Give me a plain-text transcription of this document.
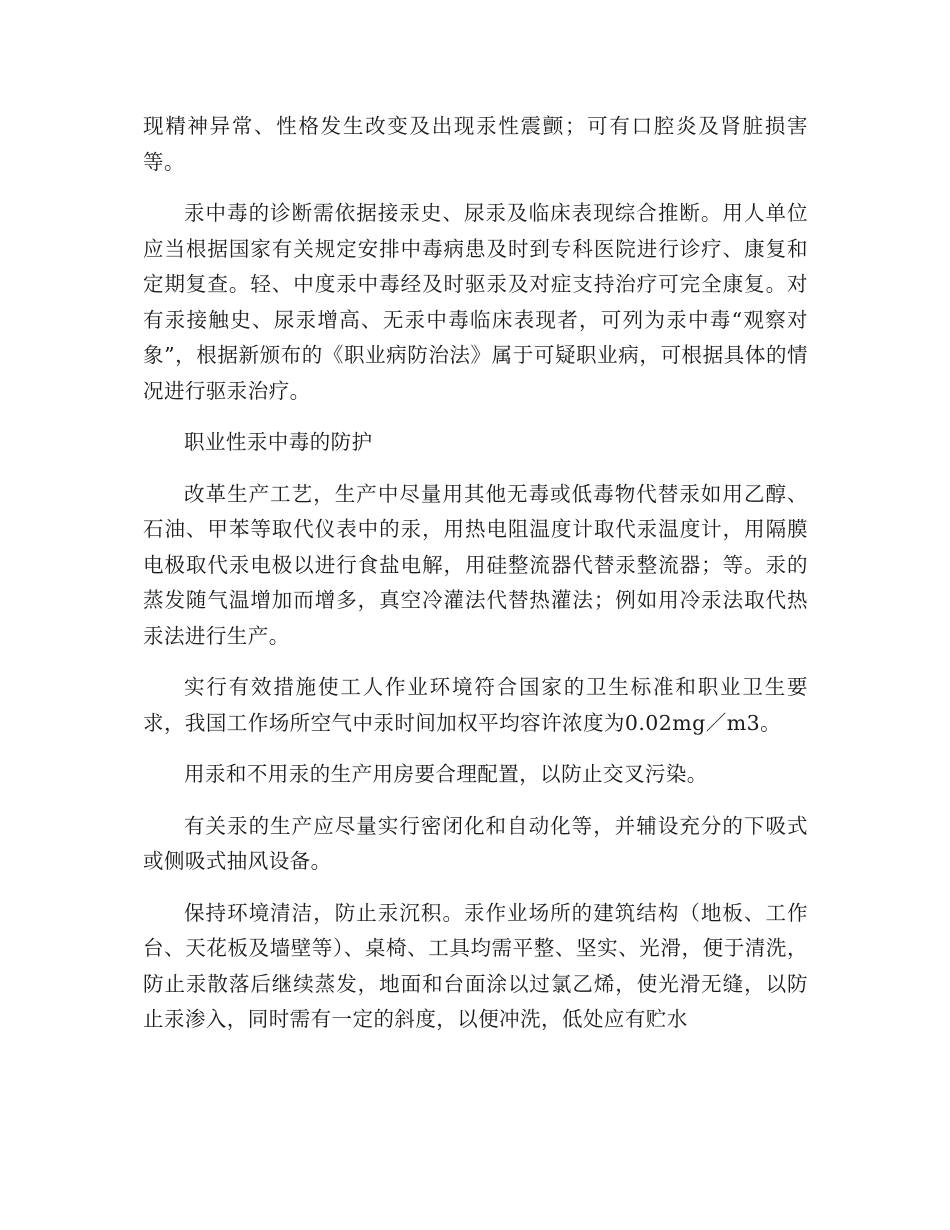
现精神异常、性格发生改变及出现汞性震颤；可有口腔炎及肾脏损害等。

汞中毒的诊断需依据接汞史、尿汞及临床表现综合推断。用人单位应当根据国家有关规定安排中毒病患及时到专科医院进行诊疗、康复和定期复查。轻、中度汞中毒经及时驱汞及对症支持治疗可完全康复。对有汞接触史、尿汞增高、无汞中毒临床表现者，可列为汞中毒“观察对象”，根据新颁布的《职业病防治法》属于可疑职业病，可根据具体的情况进行驱汞治疗。

职业性汞中毒的防护

改革生产工艺，生产中尽量用其他无毒或低毒物代替汞如用乙醇、石油、甲苯等取代仪表中的汞，用热电阻温度计取代汞温度计，用隔膜电极取代汞电极以进行食盐电解，用硅整流器代替汞整流器；等。汞的蒸发随气温增加而增多，真空冷灌法代替热灌法；例如用冷汞法取代热汞法进行生产。

实行有效措施使工人作业环境符合国家的卫生标准和职业卫生要求，我国工作场所空气中汞时间加权平均容许浓度为0.02mg／m3。

用汞和不用汞的生产用房要合理配置，以防止交叉污染。

有关汞的生产应尽量实行密闭化和自动化等，并辅设充分的下吸式或侧吸式抽风设备。

保持环境清洁，防止汞沉积。汞作业场所的建筑结构（地板、工作台、天花板及墙壁等）、桌椅、工具均需平整、坚实、光滑，便于清洗，防止汞散落后继续蒸发，地面和台面涂以过氯乙烯，使光滑无缝，以防止汞渗入，同时需有一定的斜度，以便冲洗，低处应有贮水
